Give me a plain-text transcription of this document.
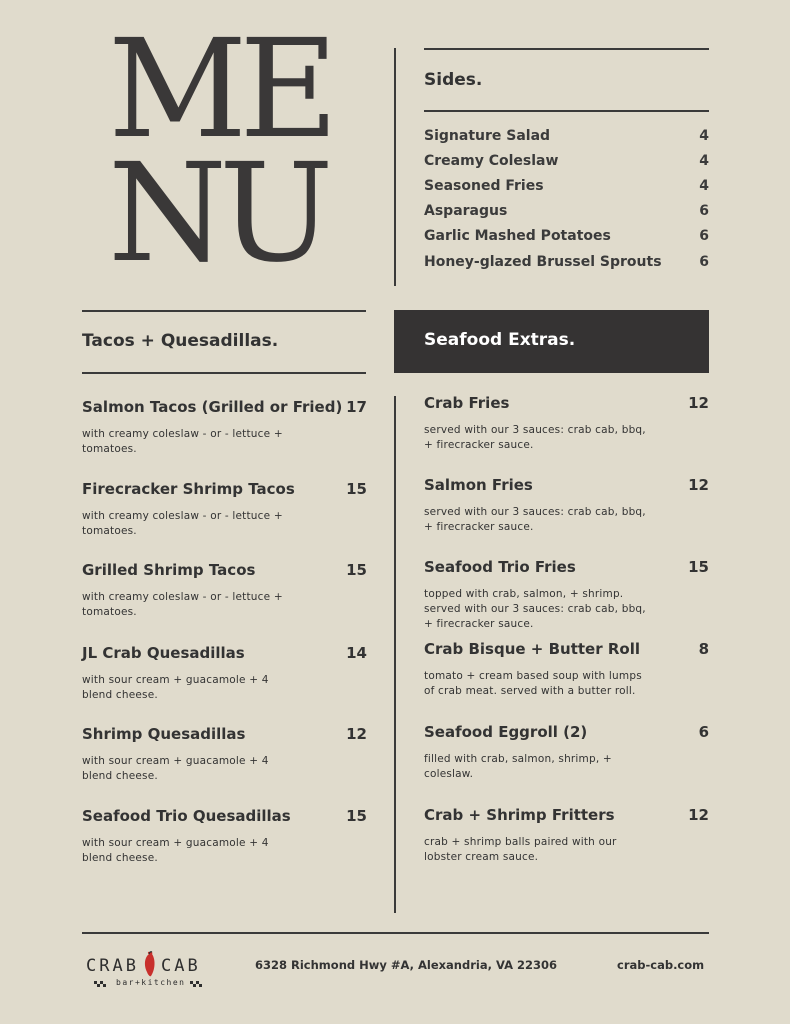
ME
NU
Sides.
Signature Salad	4
Creamy Coleslaw	4
Seasoned Fries	4
Asparagus	6
Garlic Mashed Potatoes	6
Honey-glazed Brussel Sprouts	6
Tacos + Quesadillas.	Seafood Extras.
Salmon Tacos (Grilled or Fried) 17
with creamy coleslaw - or - lettuce + tomatoes.
Firecracker Shrimp Tacos	15
with creamy coleslaw - or - lettuce + tomatoes.
Grilled Shrimp Tacos	15
with creamy coleslaw - or - lettuce + tomatoes.
JL Crab Quesadillas	14
with sour cream + guacamole + 4 blend cheese.
Shrimp Quesadillas	12
with sour cream + guacamole + 4 blend cheese.
Seafood Trio Quesadillas	15
with sour cream + guacamole + 4 blend cheese.
Crab Fries	12
served with our 3 sauces: crab cab, bbq, + firecracker sauce.
Salmon Fries	12
served with our 3 sauces: crab cab, bbq, + firecracker sauce.
Seafood Trio Fries	15
topped with crab, salmon, + shrimp. served with our 3 sauces: crab cab, bbq, + firecracker sauce.
Crab Bisque + Butter Roll	8
tomato + cream based soup with lumps of crab meat. served with a butter roll.
Seafood Eggroll (2)	6
filled with crab, salmon, shrimp, + coleslaw.
Crab + Shrimp Fritters	12
crab + shrimp balls paired with our lobster cream sauce.
CRAB CAB
bar+kitchen
6328 Richmond Hwy #A, Alexandria, VA 22306	crab-cab.com
